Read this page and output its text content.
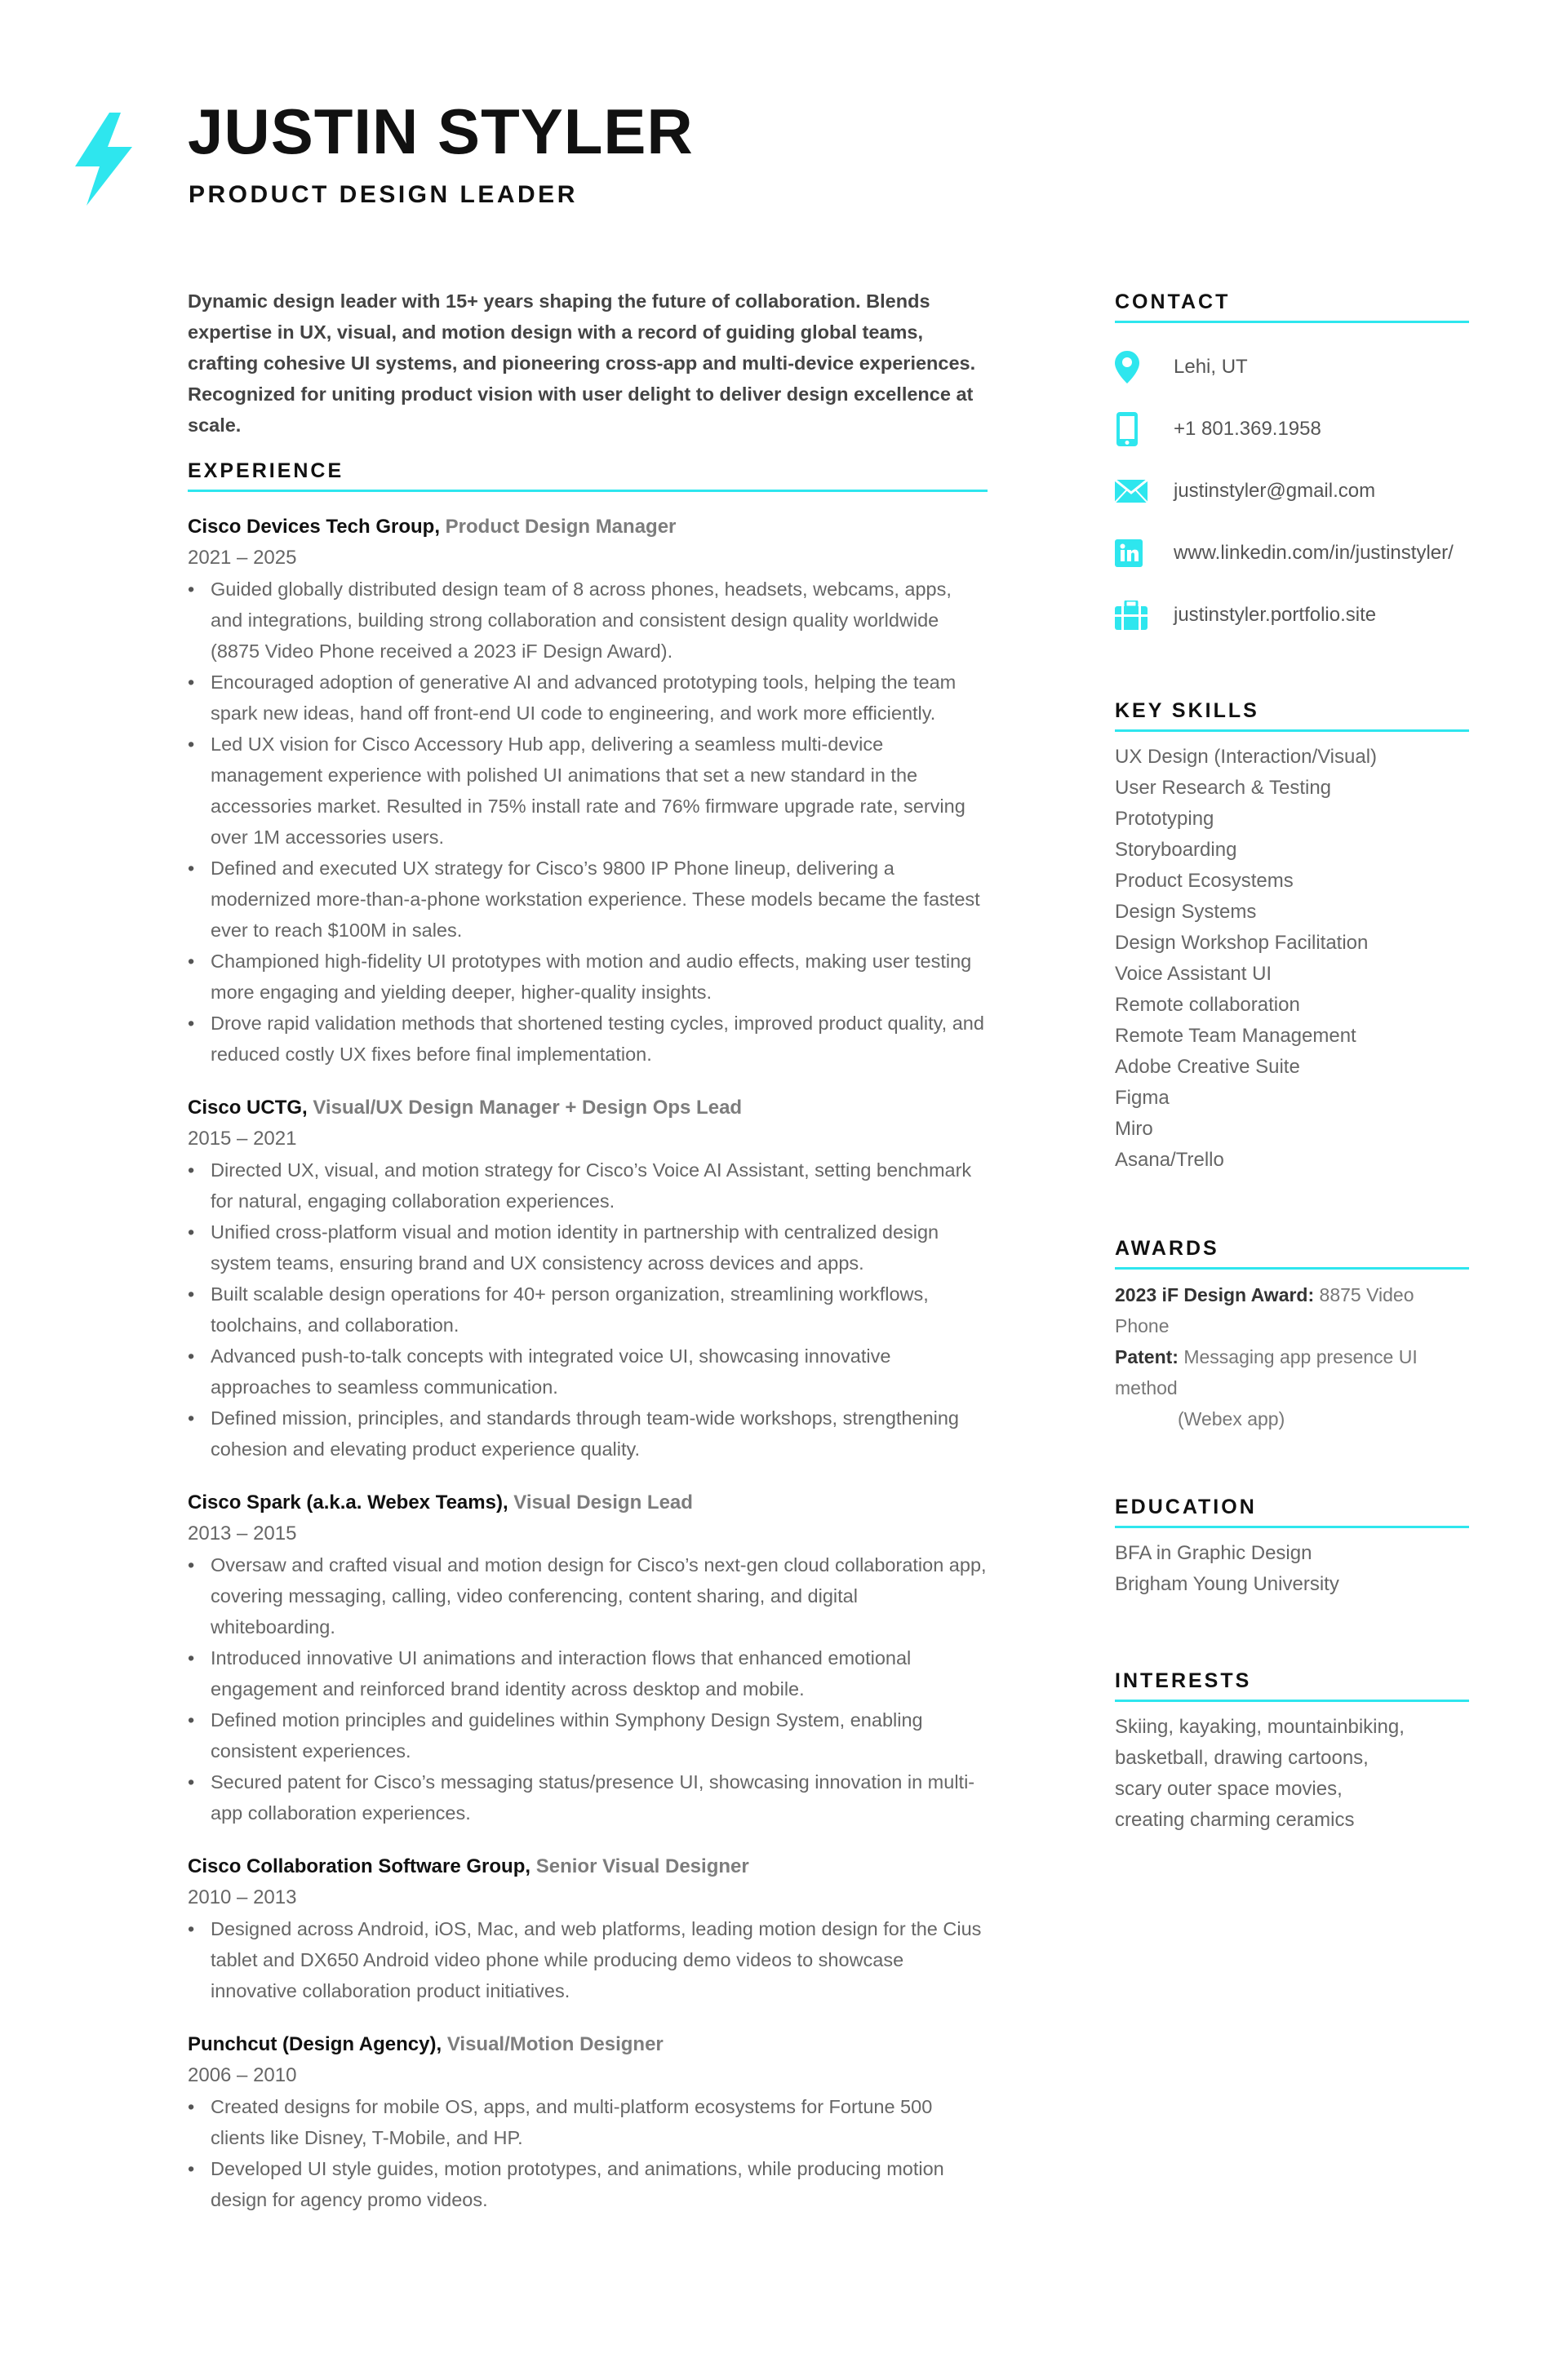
JUSTIN STYLER
PRODUCT DESIGN LEADER
Dynamic design leader with 15+ years shaping the future of collaboration. Blends expertise in UX, visual, and motion design with a record of guiding global teams, crafting cohesive UI systems, and pioneering cross-app and multi-device experiences. Recognized for uniting product vision with user delight to deliver design excellence at scale.
EXPERIENCE
Cisco Devices Tech Group, Product Design Manager
2021 – 2025
• Guided globally distributed design team of 8 across phones, headsets, webcams, apps, and integrations, building strong collaboration and consistent design quality worldwide (8875 Video Phone received a 2023 iF Design Award).
• Encouraged adoption of generative AI and advanced prototyping tools, helping the team spark new ideas, hand off front-end UI code to engineering, and work more efficiently.
• Led UX vision for Cisco Accessory Hub app, delivering a seamless multi-device management experience with polished UI animations that set a new standard in the accessories market. Resulted in 75% install rate and 76% firmware upgrade rate, serving over 1M accessories users.
• Defined and executed UX strategy for Cisco’s 9800 IP Phone lineup, delivering a modernized more-than-a-phone workstation experience. These models became the fastest ever to reach $100M in sales.
• Championed high-fidelity UI prototypes with motion and audio effects, making user testing more engaging and yielding deeper, higher-quality insights.
• Drove rapid validation methods that shortened testing cycles, improved product quality, and reduced costly UX fixes before final implementation.
Cisco UCTG, Visual/UX Design Manager + Design Ops Lead
2015 – 2021
• Directed UX, visual, and motion strategy for Cisco’s Voice AI Assistant, setting benchmark for natural, engaging collaboration experiences.
• Unified cross-platform visual and motion identity in partnership with centralized design system teams, ensuring brand and UX consistency across devices and apps.
• Built scalable design operations for 40+ person organization, streamlining workflows, toolchains, and collaboration.
• Advanced push-to-talk concepts with integrated voice UI, showcasing innovative approaches to seamless communication.
• Defined mission, principles, and standards through team-wide workshops, strengthening cohesion and elevating product experience quality.
Cisco Spark (a.k.a. Webex Teams), Visual Design Lead
2013 – 2015
• Oversaw and crafted visual and motion design for Cisco’s next-gen cloud collaboration app, covering messaging, calling, video conferencing, content sharing, and digital whiteboarding.
• Introduced innovative UI animations and interaction flows that enhanced emotional engagement and reinforced brand identity across desktop and mobile.
• Defined motion principles and guidelines within Symphony Design System, enabling consistent experiences.
• Secured patent for Cisco’s messaging status/presence UI, showcasing innovation in multi-app collaboration experiences.
Cisco Collaboration Software Group, Senior Visual Designer
2010 – 2013
• Designed across Android, iOS, Mac, and web platforms, leading motion design for the Cius tablet and DX650 Android video phone while producing demo videos to showcase innovative collaboration product initiatives.
Punchcut (Design Agency), Visual/Motion Designer
2006 – 2010
• Created designs for mobile OS, apps, and multi-platform ecosystems for Fortune 500 clients like Disney, T-Mobile, and HP.
• Developed UI style guides, motion prototypes, and animations, while producing motion design for agency promo videos.
CONTACT
Lehi, UT
+1 801.369.1958
justinstyler@gmail.com
www.linkedin.com/in/justinstyler/
justinstyler.portfolio.site
KEY SKILLS
UX Design (Interaction/Visual)
User Research & Testing
Prototyping
Storyboarding
Product Ecosystems
Design Systems
Design Workshop Facilitation
Voice Assistant UI
Remote collaboration
Remote Team Management
Adobe Creative Suite
Figma
Miro
Asana/Trello
AWARDS
2023 iF Design Award: 8875 Video Phone
Patent: Messaging app presence UI method
(Webex app)
EDUCATION
BFA in Graphic Design
Brigham Young University
INTERESTS
Skiing, kayaking, mountainbiking,
basketball, drawing cartoons,
scary outer space movies,
creating charming ceramics
